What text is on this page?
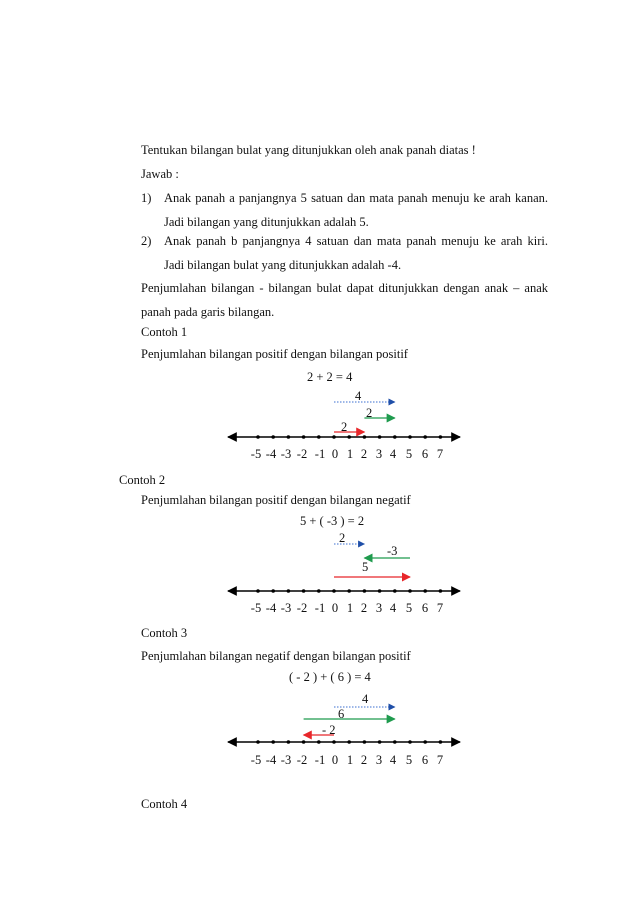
Tentukan bilangan bulat yang ditunjukkan oleh anak panah diatas !
Jawab :
1) Anak panah a panjangnya 5 satuan dan mata panah menuju ke arah kanan.
Jadi bilangan yang ditunjukkan adalah 5.
2) Anak panah b panjangnya 4 satuan dan mata panah menuju ke arah kiri.
Jadi bilangan bulat yang ditunjukkan adalah -4.
Penjumlahan bilangan - bilangan bulat dapat ditunjukkan dengan anak – anak
panah pada garis bilangan.
Contoh 1
Penjumlahan bilangan positif dengan bilangan positif
2 + 2 = 4
Contoh 2
Penjumlahan bilangan positif dengan bilangan negatif
5 + ( -3 ) = 2
Contoh 3
Penjumlahan bilangan negatif dengan bilangan positif
( - 2 ) + ( 6 ) = 4
Contoh 4
-5 -4 -3 -2 -1 0 1 2 3 4 5 6 7
4
2
2
-5 -4 -3 -2 -1 0 1 2 3 4 5 6 7
2
-3
5
-5 -4 -3 -2 -1 0 1 2 3 4 5 6 7
4
6
- 2
